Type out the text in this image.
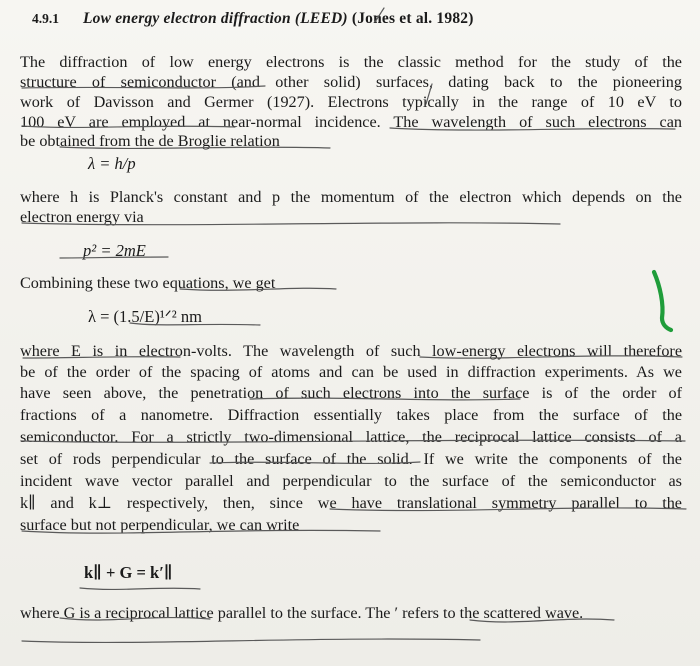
4.9.1 Low energy electron diffraction (LEED) (Jones et al. 1982)
The diffraction of low energy electrons is the classic method for the study of the
structure of semiconductor (and other solid) surfaces, dating back to the pioneering
work of Davisson and Germer (1927). Electrons typically in the range of 10 eV to
100 eV are employed at near-normal incidence. The wavelength of such electrons can
be obtained from the de Broglie relation
λ = h/p
where h is Planck's constant and p the momentum of the electron which depends on the
electron energy via
p² = 2mE
Combining these two equations, we get
λ = (1.5/E)¹ᐟ² nm
where E is in electron-volts. The wavelength of such low-energy electrons will therefore
be of the order of the spacing of atoms and can be used in diffraction experiments. As we
have seen above, the penetration of such electrons into the surface is of the order of
fractions of a nanometre. Diffraction essentially takes place from the surface of the
semiconductor. For a strictly two-dimensional lattice, the reciprocal lattice consists of a
set of rods perpendicular to the surface of the solid. If we write the components of the
incident wave vector parallel and perpendicular to the surface of the semiconductor as
k∥ and k⊥ respectively, then, since we have translational symmetry parallel to the
surface but not perpendicular, we can write
k∥ + G = k′∥
where G is a reciprocal lattice parallel to the surface. The ′ refers to the scattered wave.
